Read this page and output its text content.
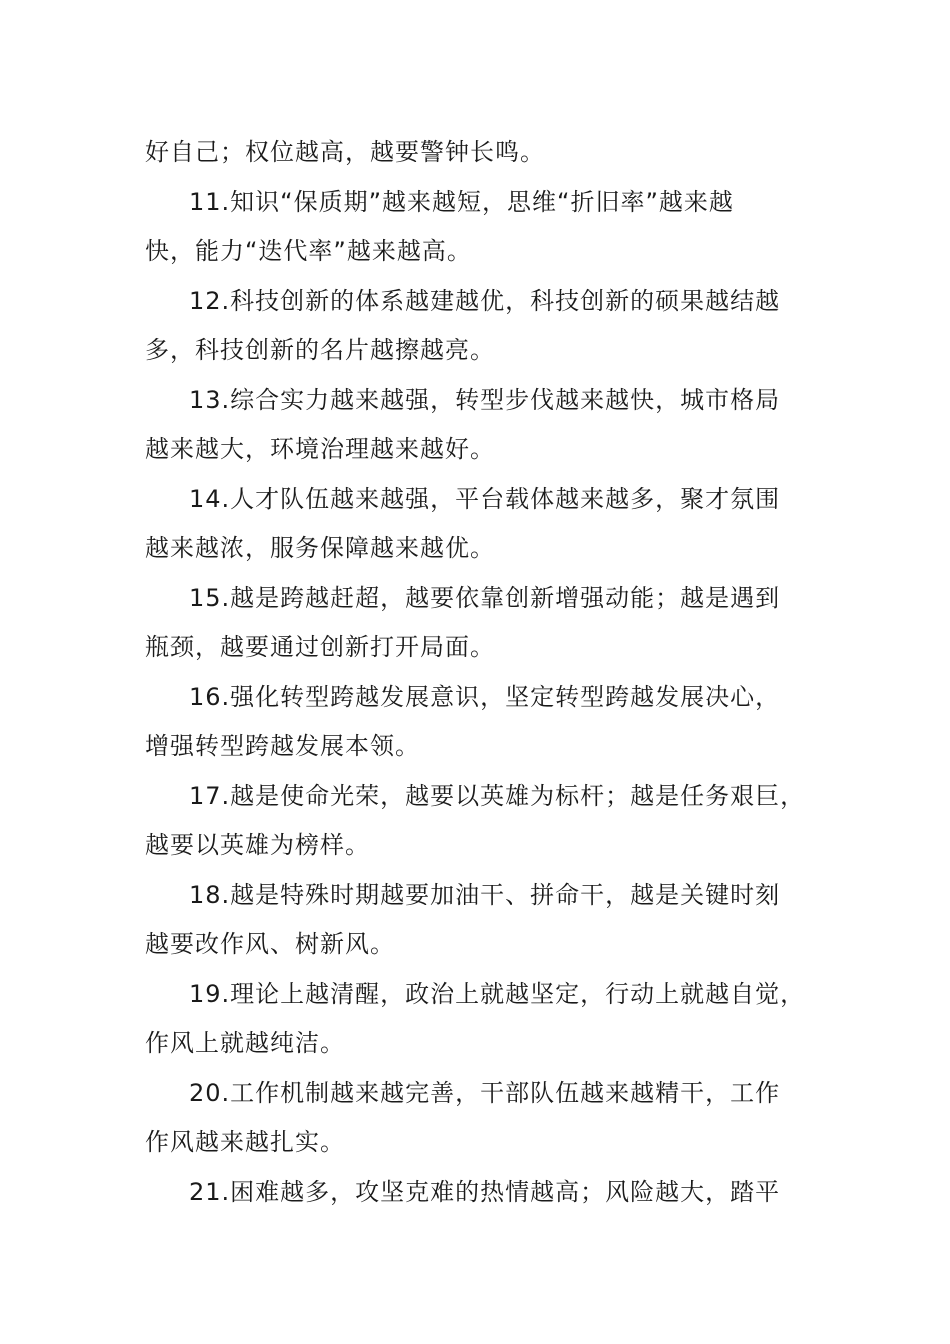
好自己；权位越高，越要警钟长鸣。

11.知识“保质期”越来越短，思维“折旧率”越来越
快，能力“迭代率”越来越高。

12.科技创新的体系越建越优，科技创新的硕果越结越
多，科技创新的名片越擦越亮。

13.综合实力越来越强，转型步伐越来越快，城市格局
越来越大，环境治理越来越好。

14.人才队伍越来越强，平台载体越来越多，聚才氛围
越来越浓，服务保障越来越优。

15.越是跨越赶超，越要依靠创新增强动能；越是遇到
瓶颈，越要通过创新打开局面。

16.强化转型跨越发展意识，坚定转型跨越发展决心，
增强转型跨越发展本领。

17.越是使命光荣，越要以英雄为标杆；越是任务艰巨，
越要以英雄为榜样。

18.越是特殊时期越要加油干、拼命干，越是关键时刻
越要改作风、树新风。

19.理论上越清醒，政治上就越坚定，行动上就越自觉，
作风上就越纯洁。

20.工作机制越来越完善，干部队伍越来越精干，工作
作风越来越扎实。

21.困难越多，攻坚克难的热情越高；风险越大，踏平
